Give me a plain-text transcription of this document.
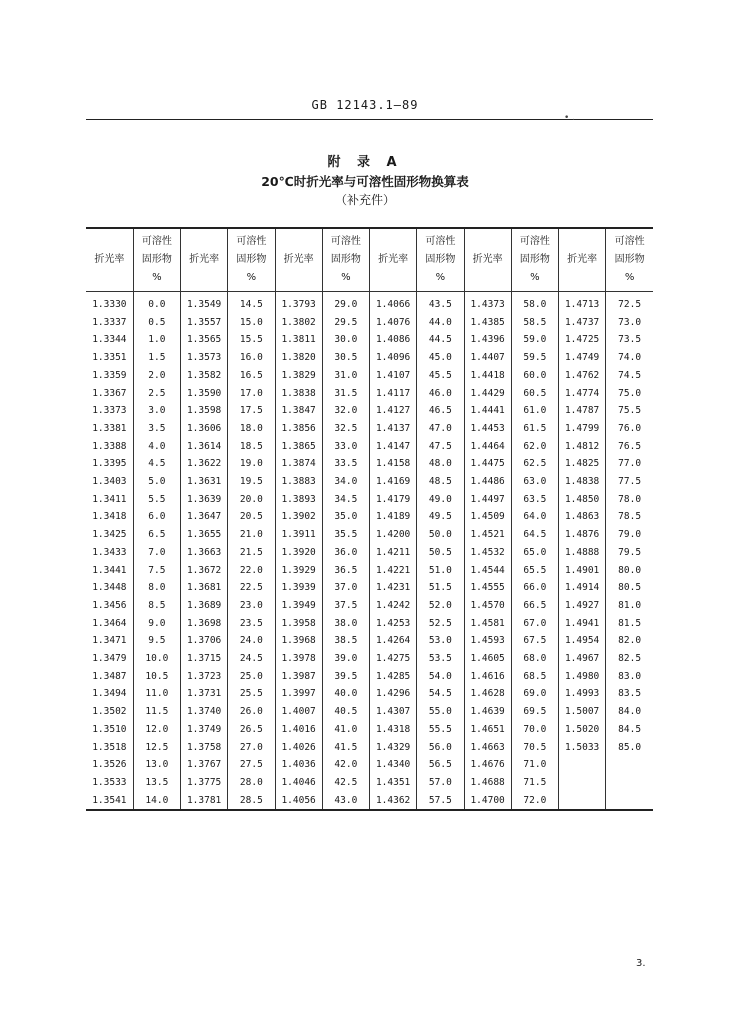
GB 12143.1—89
• .
附 录 A
20℃时折光率与可溶性固形物换算表
（补充件）
折光率	可溶性
固形物
%	折光率	可溶性
固形物
%	折光率	可溶性
固形物
%	折光率	可溶性
固形物
%	折光率	可溶性
固形物
%	折光率	可溶性
固形物
%
1.3330	0.0	1.3549	14.5	1.3793	29.0	1.4066	43.5	1.4373	58.0	1.4713	72.5
1.3337	0.5	1.3557	15.0	1.3802	29.5	1.4076	44.0	1.4385	58.5	1.4737	73.0
1.3344	1.0	1.3565	15.5	1.3811	30.0	1.4086	44.5	1.4396	59.0	1.4725	73.5
1.3351	1.5	1.3573	16.0	1.3820	30.5	1.4096	45.0	1.4407	59.5	1.4749	74.0
1.3359	2.0	1.3582	16.5	1.3829	31.0	1.4107	45.5	1.4418	60.0	1.4762	74.5
1.3367	2.5	1.3590	17.0	1.3838	31.5	1.4117	46.0	1.4429	60.5	1.4774	75.0
1.3373	3.0	1.3598	17.5	1.3847	32.0	1.4127	46.5	1.4441	61.0	1.4787	75.5
1.3381	3.5	1.3606	18.0	1.3856	32.5	1.4137	47.0	1.4453	61.5	1.4799	76.0
1.3388	4.0	1.3614	18.5	1.3865	33.0	1.4147	47.5	1.4464	62.0	1.4812	76.5
1.3395	4.5	1.3622	19.0	1.3874	33.5	1.4158	48.0	1.4475	62.5	1.4825	77.0
1.3403	5.0	1.3631	19.5	1.3883	34.0	1.4169	48.5	1.4486	63.0	1.4838	77.5
1.3411	5.5	1.3639	20.0	1.3893	34.5	1.4179	49.0	1.4497	63.5	1.4850	78.0
1.3418	6.0	1.3647	20.5	1.3902	35.0	1.4189	49.5	1.4509	64.0	1.4863	78.5
1.3425	6.5	1.3655	21.0	1.3911	35.5	1.4200	50.0	1.4521	64.5	1.4876	79.0
1.3433	7.0	1.3663	21.5	1.3920	36.0	1.4211	50.5	1.4532	65.0	1.4888	79.5
1.3441	7.5	1.3672	22.0	1.3929	36.5	1.4221	51.0	1.4544	65.5	1.4901	80.0
1.3448	8.0	1.3681	22.5	1.3939	37.0	1.4231	51.5	1.4555	66.0	1.4914	80.5
1.3456	8.5	1.3689	23.0	1.3949	37.5	1.4242	52.0	1.4570	66.5	1.4927	81.0
1.3464	9.0	1.3698	23.5	1.3958	38.0	1.4253	52.5	1.4581	67.0	1.4941	81.5
1.3471	9.5	1.3706	24.0	1.3968	38.5	1.4264	53.0	1.4593	67.5	1.4954	82.0
1.3479	10.0	1.3715	24.5	1.3978	39.0	1.4275	53.5	1.4605	68.0	1.4967	82.5
1.3487	10.5	1.3723	25.0	1.3987	39.5	1.4285	54.0	1.4616	68.5	1.4980	83.0
1.3494	11.0	1.3731	25.5	1.3997	40.0	1.4296	54.5	1.4628	69.0	1.4993	83.5
1.3502	11.5	1.3740	26.0	1.4007	40.5	1.4307	55.0	1.4639	69.5	1.5007	84.0
1.3510	12.0	1.3749	26.5	1.4016	41.0	1.4318	55.5	1.4651	70.0	1.5020	84.5
1.3518	12.5	1.3758	27.0	1.4026	41.5	1.4329	56.0	1.4663	70.5	1.5033	85.0
1.3526	13.0	1.3767	27.5	1.4036	42.0	1.4340	56.5	1.4676	71.0		
1.3533	13.5	1.3775	28.0	1.4046	42.5	1.4351	57.0	1.4688	71.5		
1.3541	14.0	1.3781	28.5	1.4056	43.0	1.4362	57.5	1.4700	72.0		
3.
